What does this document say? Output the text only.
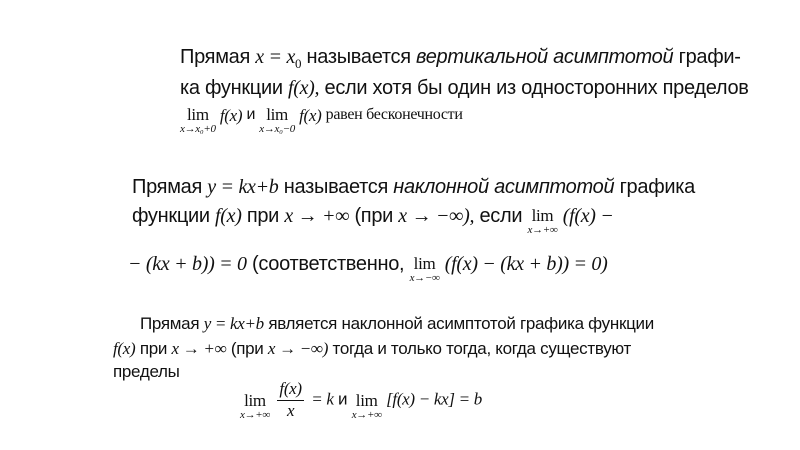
Прямая $x = x_0$ называется вертикальной асимптотой графи-
ка функции f(x), если хотя бы один из односторонних пределов
lim
x→x₀+0
f(x) и lim
x→x₀−0
f(x) равен бесконечности
Прямая y = kx+b называется наклонной асимптотой графика
функции f(x) при x → +∞ (при x → −∞), если lim
x→+∞
(f(x) −
− (kx + b)) = 0 (соответственно, lim
x→−∞
(f(x) − (kx + b)) = 0)
Прямая y = kx+b является наклонной асимптотой графика функции
f(x) при x → +∞ (при x → −∞) тогда и только тогда, когда существуют
пределы
lim
x→+∞
$\frac{f(x)}{x} = k$ и lim
x→+∞
[f(x) − kx] = b
